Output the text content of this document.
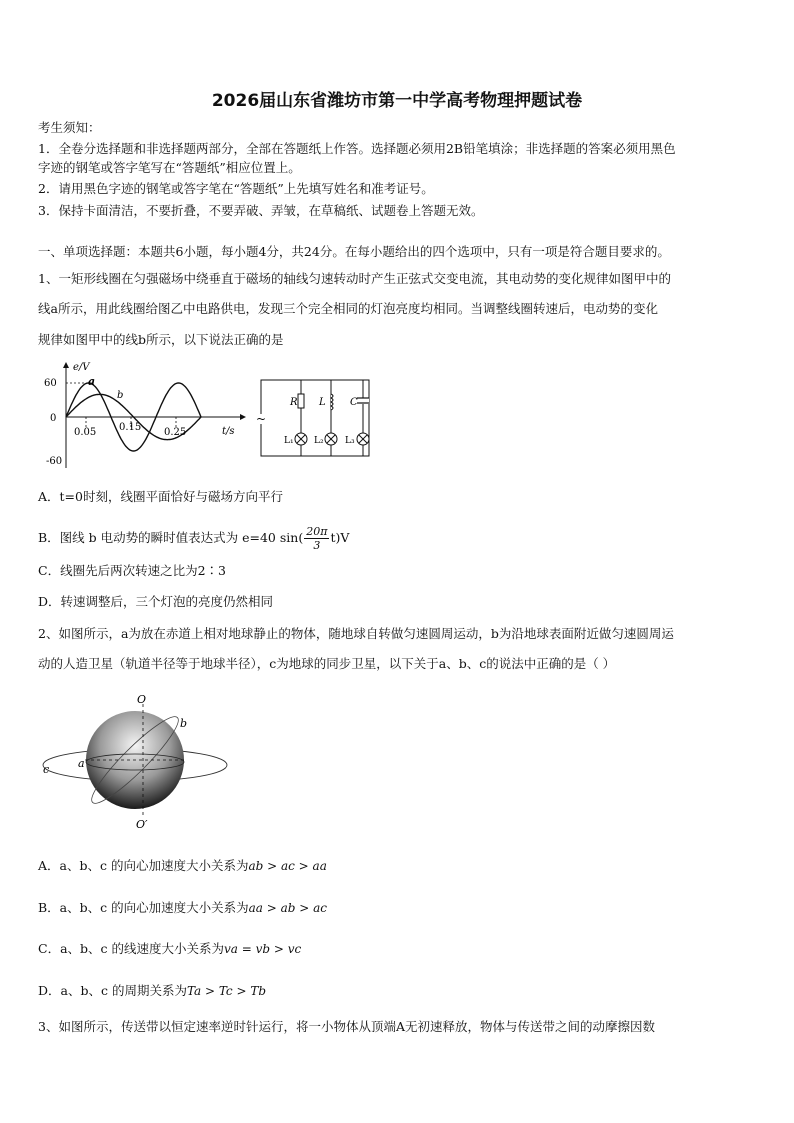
2026届山东省潍坊市第一中学高考物理押题试卷
考生须知：
1．全卷分选择题和非选择题两部分，全部在答题纸上作答。选择题必须用2B铅笔填涂；非选择题的答案必须用黑色
字迹的钢笔或答字笔写在“答题纸”相应位置上。
2．请用黑色字迹的钢笔或答字笔在“答题纸”上先填写姓名和准考证号。
3．保持卡面清洁，不要折叠，不要弄破、弄皱，在草稿纸、试题卷上答题无效。
一、单项选择题：本题共6小题，每小题4分，共24分。在每小题给出的四个选项中，只有一项是符合题目要求的。
1、一矩形线圈在匀强磁场中绕垂直于磁场的轴线匀速转动时产生正弦式交变电流，其电动势的变化规律如图甲中的
线a所示，用此线圈给图乙中电路供电，发现三个完全相同的灯泡亮度均相同。当调整线圈转速后，电动势的变化
规律如图甲中的线b所示，以下说法正确的是
e/V
t/s
60
0
-60
0.05 0.15 0.25
a
b
~
R L C
L₁ L₂ L₃
A．t=0时刻，线圈平面恰好与磁场方向平行
B．图线 b 电动势的瞬时值表达式为 e=40 $\sin( \frac{20\pi}{3} t)V$
C．线圈先后两次转速之比为2∶3
D．转速调整后，三个灯泡的亮度仍然相同
2、如图所示，a为放在赤道上相对地球静止的物体，随地球自转做匀速圆周运动，b为沿地球表面附近做匀速圆周运
动的人造卫星（轨道半径等于地球半径），c为地球的同步卫星，以下关于a、b、c的说法中正确的是（ ）
O
O′
a
b
c
A．a、b、c 的向心加速度大小关系为ab > ac > aa
B．a、b、c 的向心加速度大小关系为aa > ab > ac
C．a、b、c 的线速度大小关系为va = vb > vc
D．a、b、c 的周期关系为Ta > Tc > Tb
3、如图所示，传送带以恒定速率逆时针运行，将一小物体从顶端A无初速释放，物体与传送带之间的动摩擦因数
